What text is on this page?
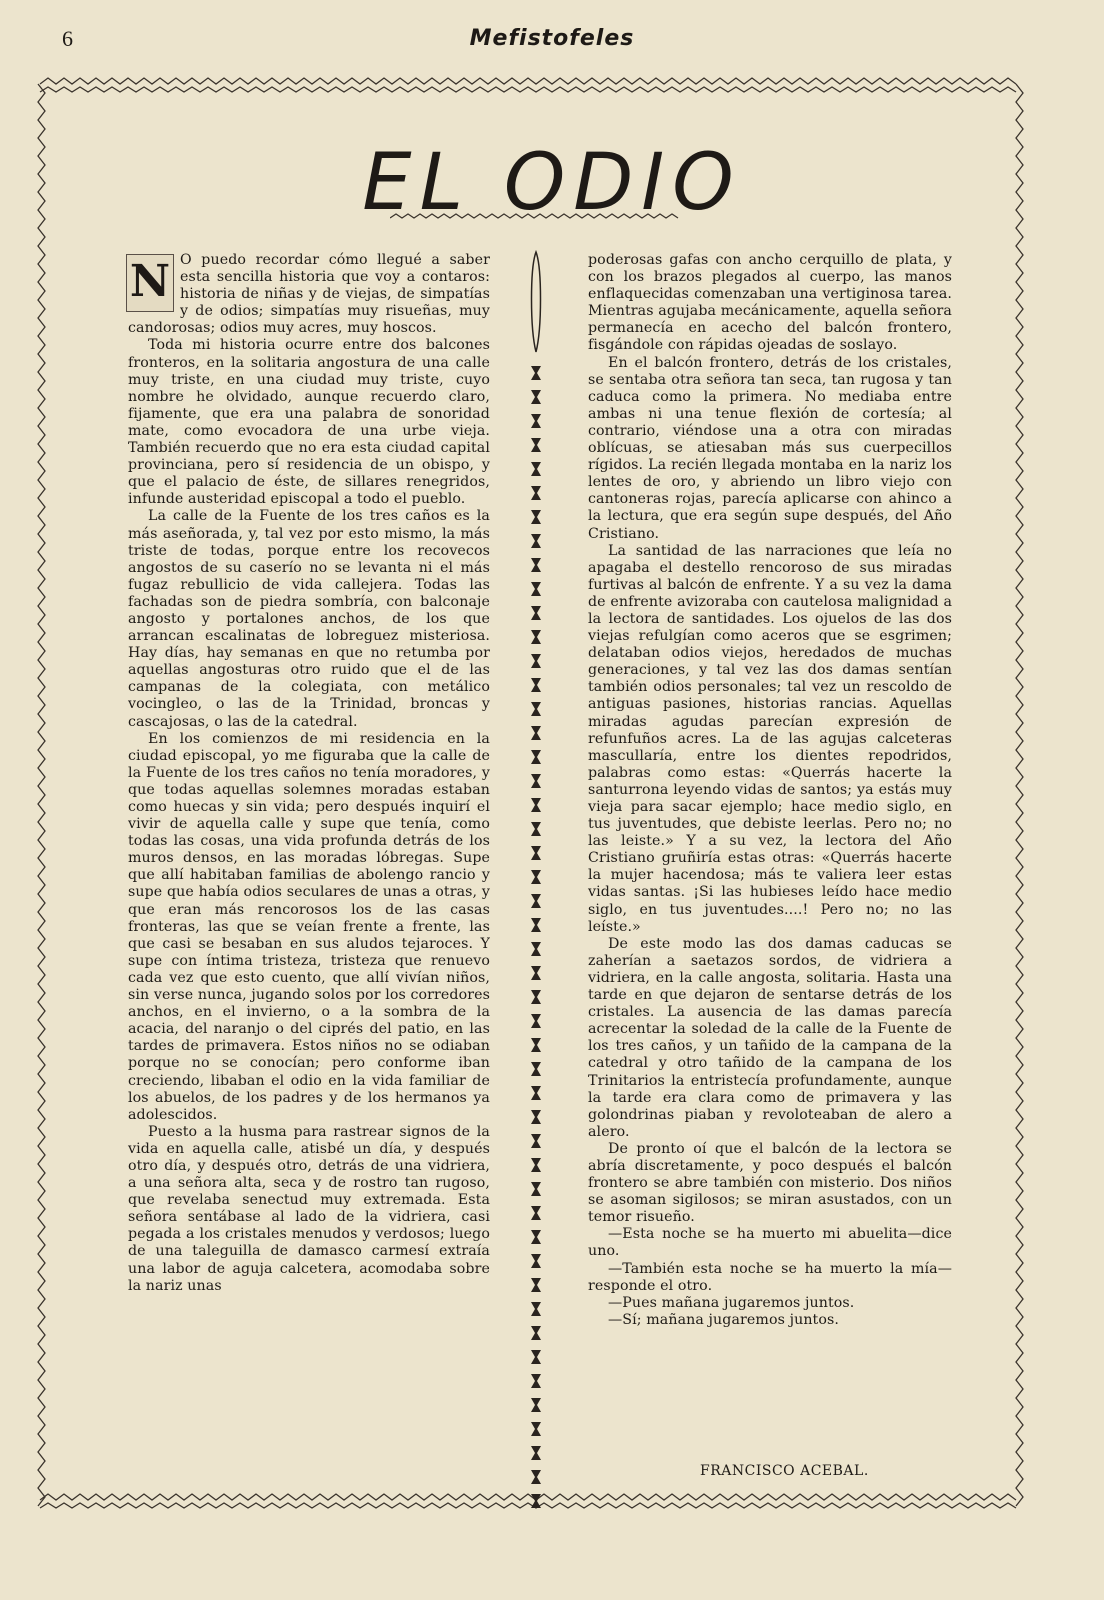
6	Mefistofeles
EL ODIO

N O puedo recordar cómo llegué a saber esta sencilla historia que voy a contaros: historia de niñas y de viejas, de simpatías y de odios; simpatías muy risueñas, muy candorosas; odios muy acres, muy hoscos.

Toda mi historia ocurre entre dos balcones fronteros, en la solitaria angostura de una calle muy triste, en una ciudad muy triste, cuyo nombre he olvidado, aunque recuerdo claro, fijamente, que era una palabra de sonoridad mate, como evocadora de una urbe vieja. También recuerdo que no era esta ciudad capital provinciana, pero sí residencia de un obispo, y que el palacio de éste, de sillares renegridos, infunde austeridad episcopal a todo el pueblo.

La calle de la Fuente de los tres caños es la más aseñorada, y, tal vez por esto mismo, la más triste de todas, porque entre los recovecos angostos de su caserío no se levanta ni el más fugaz rebullicio de vida callejera. Todas las fachadas son de piedra sombría, con balconaje angosto y portalones anchos, de los que arrancan escalinatas de lobreguez misteriosa. Hay días, hay semanas en que no retumba por aquellas angosturas otro ruido que el de las campanas de la colegiata, con metálico vocingleo, o las de la Trinidad, broncas y cascajosas, o las de la catedral.

En los comienzos de mi residencia en la ciudad episcopal, yo me figuraba que la calle de la Fuente de los tres caños no tenía moradores, y que todas aquellas solemnes moradas estaban como huecas y sin vida; pero después inquirí el vivir de aquella calle y supe que tenía, como todas las cosas, una vida profunda detrás de los muros densos, en las moradas lóbregas. Supe que allí habitaban familias de abolengo rancio y supe que había odios seculares de unas a otras, y que eran más rencorosos los de las casas fronteras, las que se veían frente a frente, las que casi se besaban en sus aludos tejaroces. Y supe con íntima tristeza, tristeza que renuevo cada vez que esto cuento, que allí vivían niños, sin verse nunca, jugando solos por los corredores anchos, en el invierno, o a la sombra de la acacia, del naranjo o del ciprés del patio, en las tardes de primavera. Estos niños no se odiaban porque no se conocían; pero conforme iban creciendo, libaban el odio en la vida familiar de los abuelos, de los padres y de los hermanos ya adolescidos.

Puesto a la husma para rastrear signos de la vida en aquella calle, atisbé un día, y después otro día, y después otro, detrás de una vidriera, a una señora alta, seca y de rostro tan rugoso, que revelaba senectud muy extremada. Esta señora sentábase al lado de la vidriera, casi pegada a los cristales menudos y verdosos; luego de una taleguilla de damasco carmesí extraía una labor de aguja calcetera, acomodaba sobre la nariz unas

poderosas gafas con ancho cerquillo de plata, y con los brazos plegados al cuerpo, las manos enflaquecidas comenzaban una vertiginosa tarea. Mientras agujaba mecánicamente, aquella señora permanecía en acecho del balcón frontero, fisgándole con rápidas ojeadas de soslayo.

En el balcón frontero, detrás de los cristales, se sentaba otra señora tan seca, tan rugosa y tan caduca como la primera. No mediaba entre ambas ni una tenue flexión de cortesía; al contrario, viéndose una a otra con miradas oblícuas, se atiesaban más sus cuerpecillos rígidos. La recién llegada montaba en la nariz los lentes de oro, y abriendo un libro viejo con cantoneras rojas, parecía aplicarse con ahinco a la lectura, que era según supe después, del Año Cristiano.

La santidad de las narraciones que leía no apagaba el destello rencoroso de sus miradas furtivas al balcón de enfrente. Y a su vez la dama de enfrente avizoraba con cautelosa malignidad a la lectora de santidades. Los ojuelos de las dos viejas refulgían como aceros que se esgrimen; delataban odios viejos, heredados de muchas generaciones, y tal vez las dos damas sentían también odios personales; tal vez un rescoldo de antiguas pasiones, historias rancias. Aquellas miradas agudas parecían expresión de refunfuños acres. La de las agujas calceteras mascullaría, entre los dientes repodridos, palabras como estas: «Querrás hacerte la santurrona leyendo vidas de santos; ya estás muy vieja para sacar ejemplo; hace medio siglo, en tus juventudes, que debiste leerlas. Pero no; no las leiste.» Y a su vez, la lectora del Año Cristiano gruñiría estas otras: «Querrás hacerte la mujer hacendosa; más te valiera leer estas vidas santas. ¡Si las hubieses leído hace medio siglo, en tus juventudes....! Pero no; no las leíste.»

De este modo las dos damas caducas se zaherían a saetazos sordos, de vidriera a vidriera, en la calle angosta, solitaria. Hasta una tarde en que dejaron de sentarse detrás de los cristales. La ausencia de las damas parecía acrecentar la soledad de la calle de la Fuente de los tres caños, y un tañido de la campana de la catedral y otro tañido de la campana de los Trinitarios la entristecía profundamente, aunque la tarde era clara como de primavera y las golondrinas piaban y revoloteaban de alero a alero.

De pronto oí que el balcón de la lectora se abría discretamente, y poco después el balcón frontero se abre también con misterio. Dos niños se asoman sigilosos; se miran asustados, con un temor risueño.

—Esta noche se ha muerto mi abuelita—dice uno.

—También esta noche se ha muerto la mía—responde el otro.

—Pues mañana jugaremos juntos.

—Sí; mañana jugaremos juntos.

FRANCISCO ACEBAL.
